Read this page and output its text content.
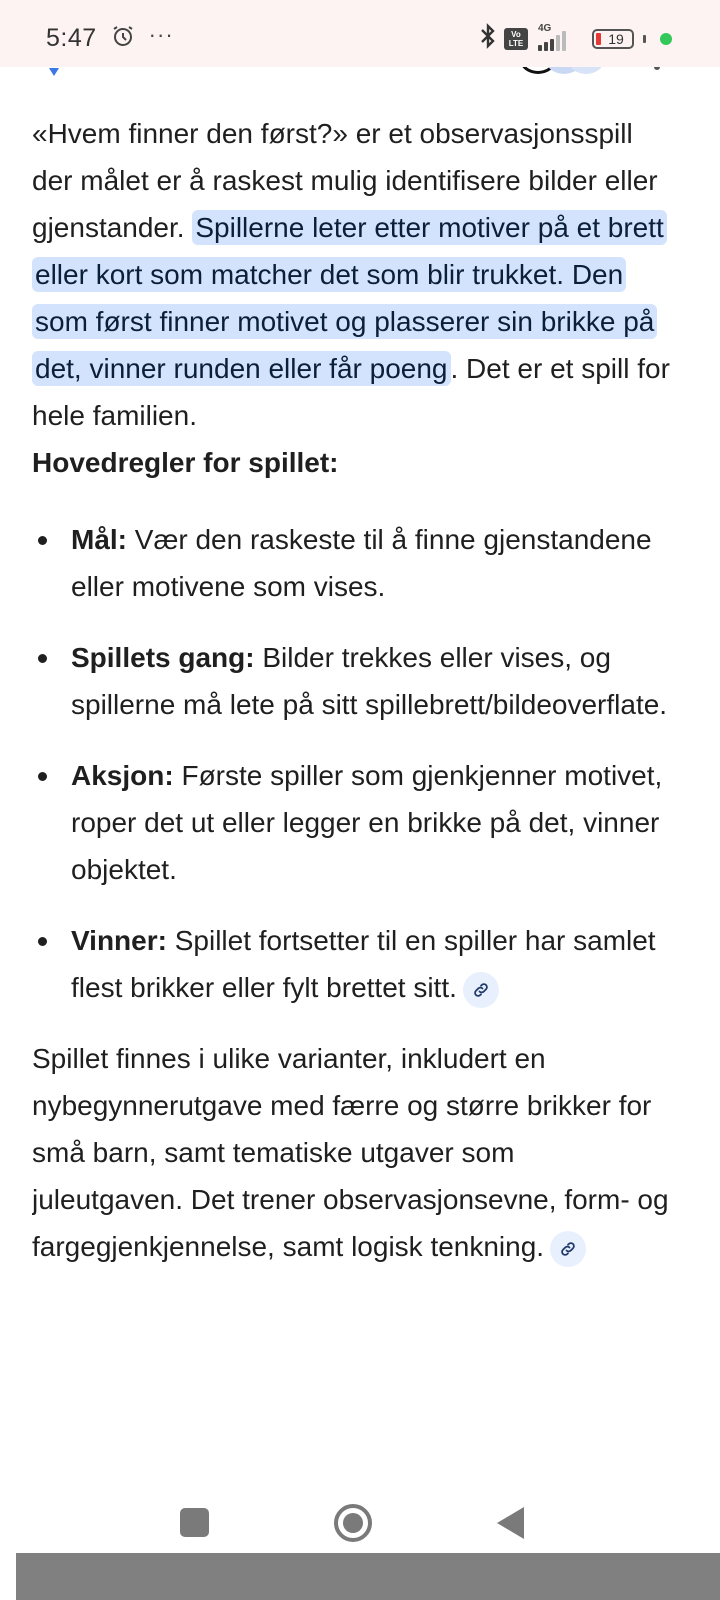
5:47 ···	Vo
LTE
4G
19

«Hvem finner den først?» er et observasjonsspill der målet er å raskest mulig identifisere bilder eller gjenstander. Spillerne leter etter motiver på et brett eller kort som matcher det som blir trukket. Den som først finner motivet og plasserer sin brikke på det, vinner runden eller får poeng . Det er et spill for hele familien.

Hovedregler for spillet:

Mål: Vær den raskeste til å finne gjenstandene eller motivene som vises.
Spillets gang: Bilder trekkes eller vises, og spillerne må lete på sitt spillebrett/bildeoverflate.
Aksjon: Første spiller som gjenkjenner motivet, roper det ut eller legger en brikke på det, vinner objektet.
Vinner: Spillet fortsetter til en spiller har samlet flest brikker eller fylt brettet sitt.

Spillet finnes i ulike varianter, inkludert en nybegynnerutgave med færre og større brikker for små barn, samt tematiske utgaver som juleutgaven. Det trener observasjonsevne, form- og fargegjenkjennelse, samt logisk tenkning.
